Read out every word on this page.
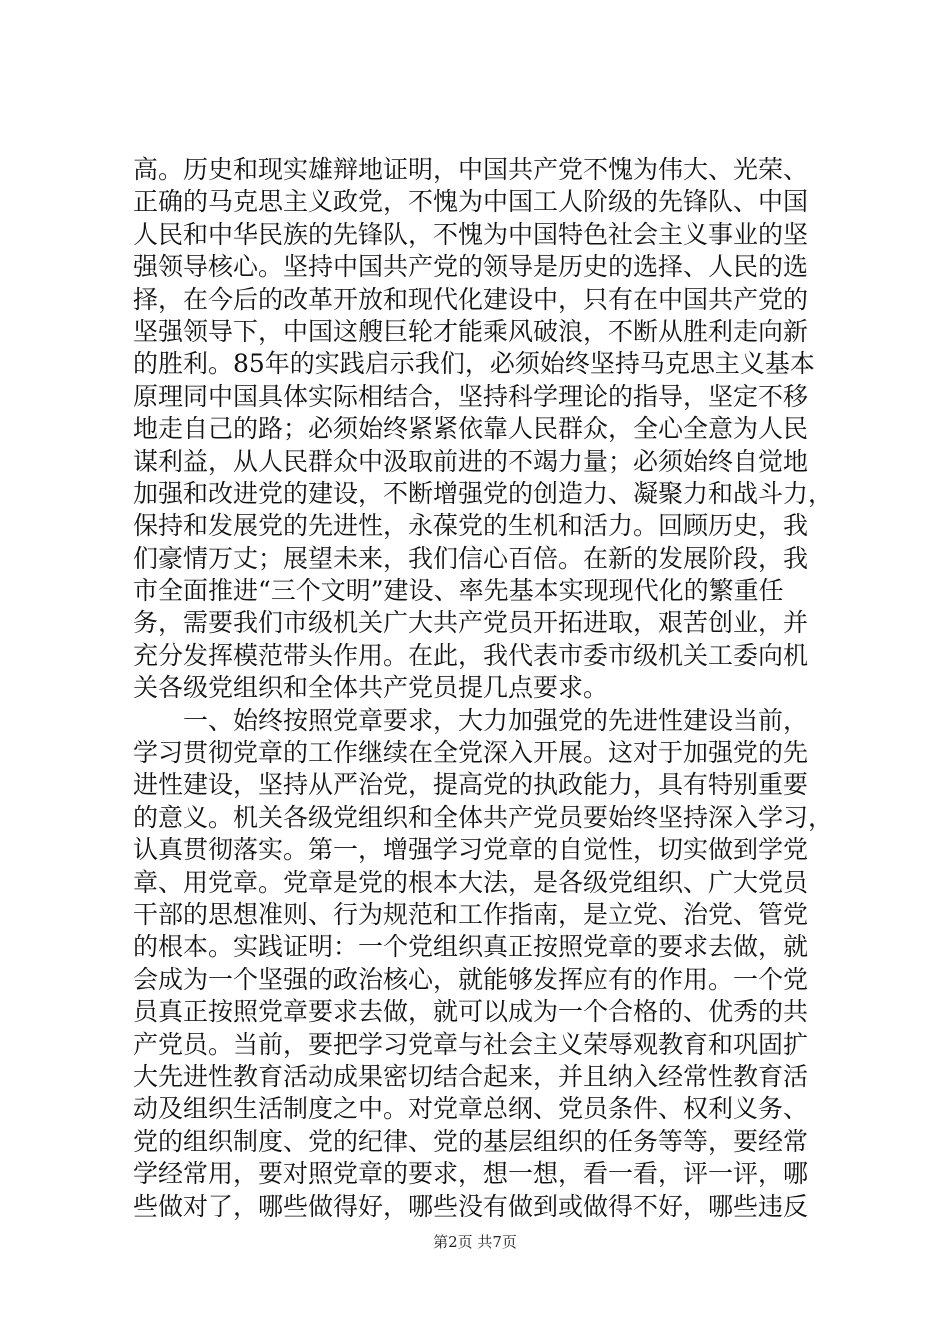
高。历史和现实雄辩地证明，中国共产党不愧为伟大、光荣、
正确的马克思主义政党，不愧为中国工人阶级的先锋队、中国
人民和中华民族的先锋队，不愧为中国特色社会主义事业的坚
强领导核心。坚持中国共产党的领导是历史的选择、人民的选
择，在今后的改革开放和现代化建设中，只有在中国共产党的
坚强领导下，中国这艘巨轮才能乘风破浪，不断从胜利走向新
的胜利。85年的实践启示我们，必须始终坚持马克思主义基本
原理同中国具体实际相结合，坚持科学理论的指导，坚定不移
地走自己的路；必须始终紧紧依靠人民群众，全心全意为人民
谋利益，从人民群众中汲取前进的不竭力量；必须始终自觉地
加强和改进党的建设，不断增强党的创造力、凝聚力和战斗力，
保持和发展党的先进性，永葆党的生机和活力。回顾历史，我
们豪情万丈；展望未来，我们信心百倍。在新的发展阶段，我
市全面推进“三个文明”建设、率先基本实现现代化的繁重任
务，需要我们市级机关广大共产党员开拓进取，艰苦创业，并
充分发挥模范带头作用。在此，我代表市委市级机关工委向机
关各级党组织和全体共产党员提几点要求。
　　一、始终按照党章要求，大力加强党的先进性建设当前，
学习贯彻党章的工作继续在全党深入开展。这对于加强党的先
进性建设，坚持从严治党，提高党的执政能力，具有特别重要
的意义。机关各级党组织和全体共产党员要始终坚持深入学习，
认真贯彻落实。第一，增强学习党章的自觉性，切实做到学党
章、用党章。党章是党的根本大法，是各级党组织、广大党员
干部的思想准则、行为规范和工作指南，是立党、治党、管党
的根本。实践证明：一个党组织真正按照党章的要求去做，就
会成为一个坚强的政治核心，就能够发挥应有的作用。一个党
员真正按照党章要求去做，就可以成为一个合格的、优秀的共
产党员。当前，要把学习党章与社会主义荣辱观教育和巩固扩
大先进性教育活动成果密切结合起来，并且纳入经常性教育活
动及组织生活制度之中。对党章总纲、党员条件、权利义务、
党的组织制度、党的纪律、党的基层组织的任务等等，要经常
学经常用，要对照党章的要求，想一想，看一看，评一评，哪
些做对了，哪些做得好，哪些没有做到或做得不好，哪些违反
第2页 共7页
